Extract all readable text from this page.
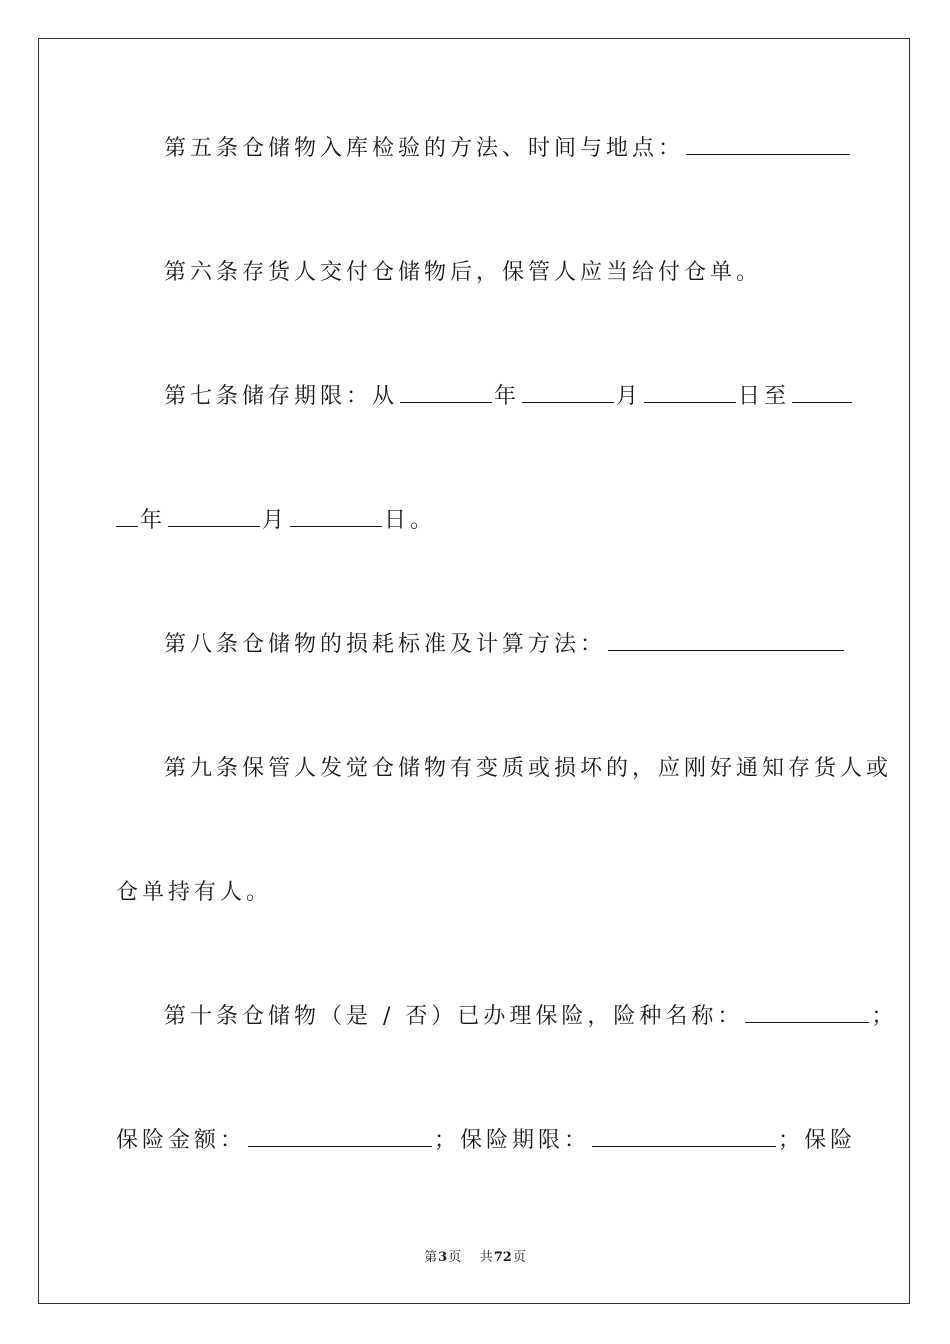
第五条仓储物入库检验的方法、时间与地点：
第六条存货人交付仓储物后，保管人应当给付仓单。
第七条储存期限：从	年	月	日至
年	月	日。
第八条仓储物的损耗标准及计算方法：
第九条保管人发觉仓储物有变质或损坏的，应刚好通知存货人或
仓单持有人。
第十条仓储物（是 / 否）已办理保险，险种名称：	；
保险金额：	；保险期限：	；保险
第3页 共72页
